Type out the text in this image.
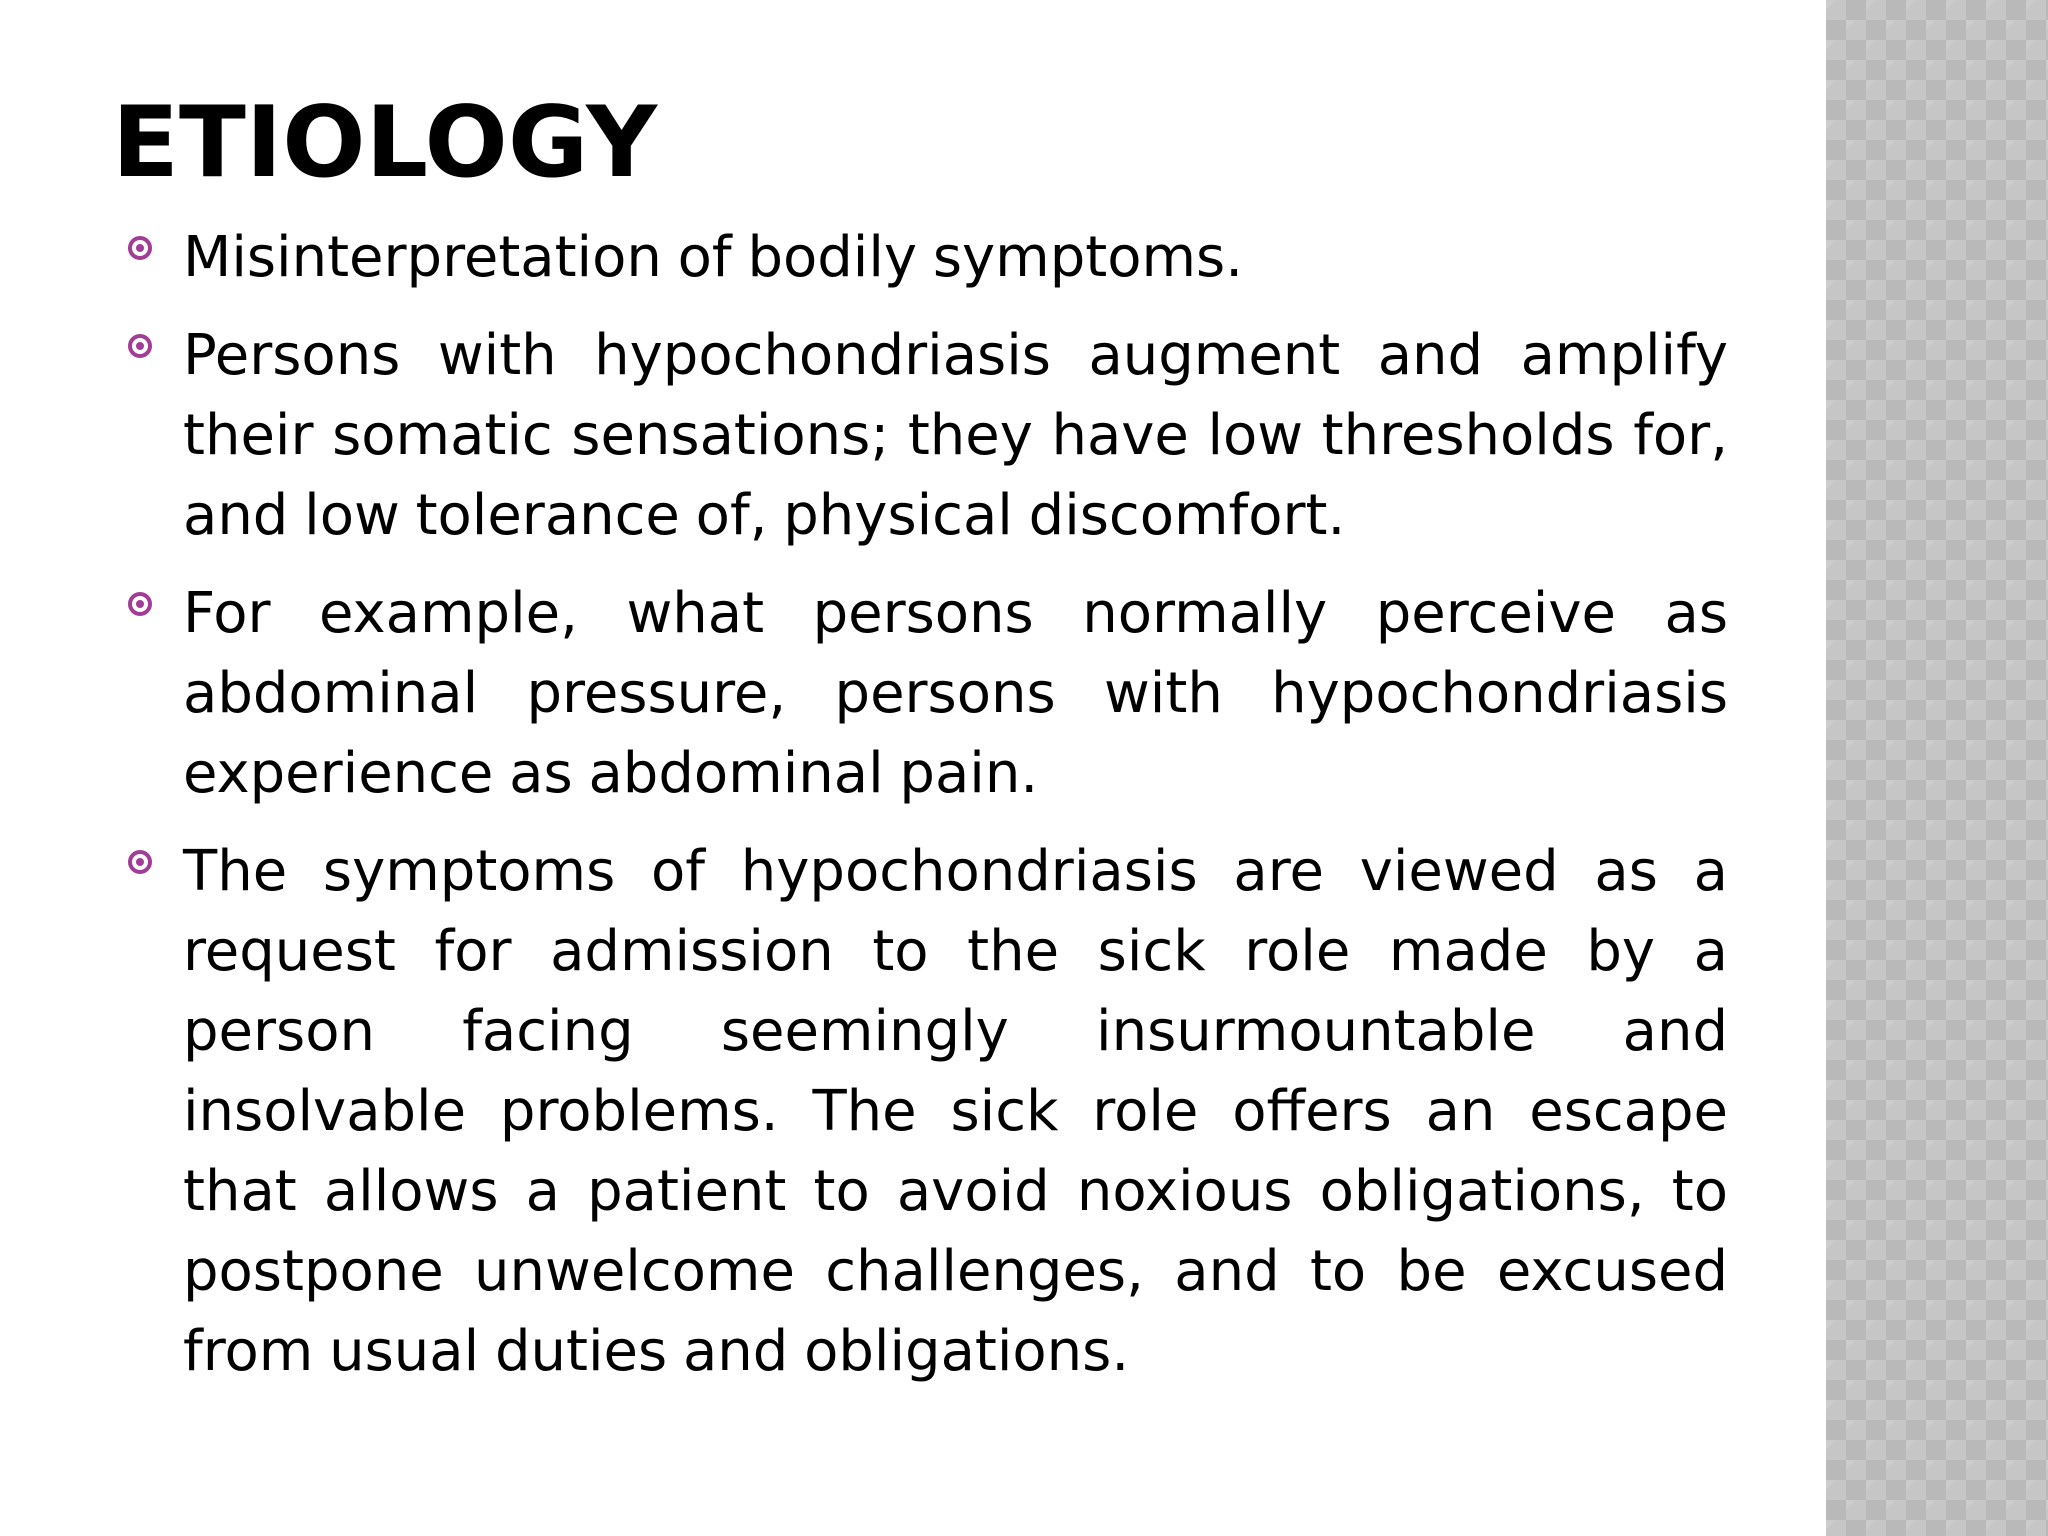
ETIOLOGY
Misinterpretation of bodily symptoms.
Persons with hypochondriasis augment and amplify their somatic sensations; they have low thresholds for, and low tolerance of, physical discomfort.
For example, what persons normally perceive as abdominal pressure, persons with hypochondriasis experience as abdominal pain.
The symptoms of hypochondriasis are viewed as a request for admission to the sick role made by a person facing seemingly insurmountable and insolvable problems. The sick role offers an escape that allows a patient to avoid noxious obligations, to postpone unwelcome challenges, and to be excused from usual duties and obligations.
